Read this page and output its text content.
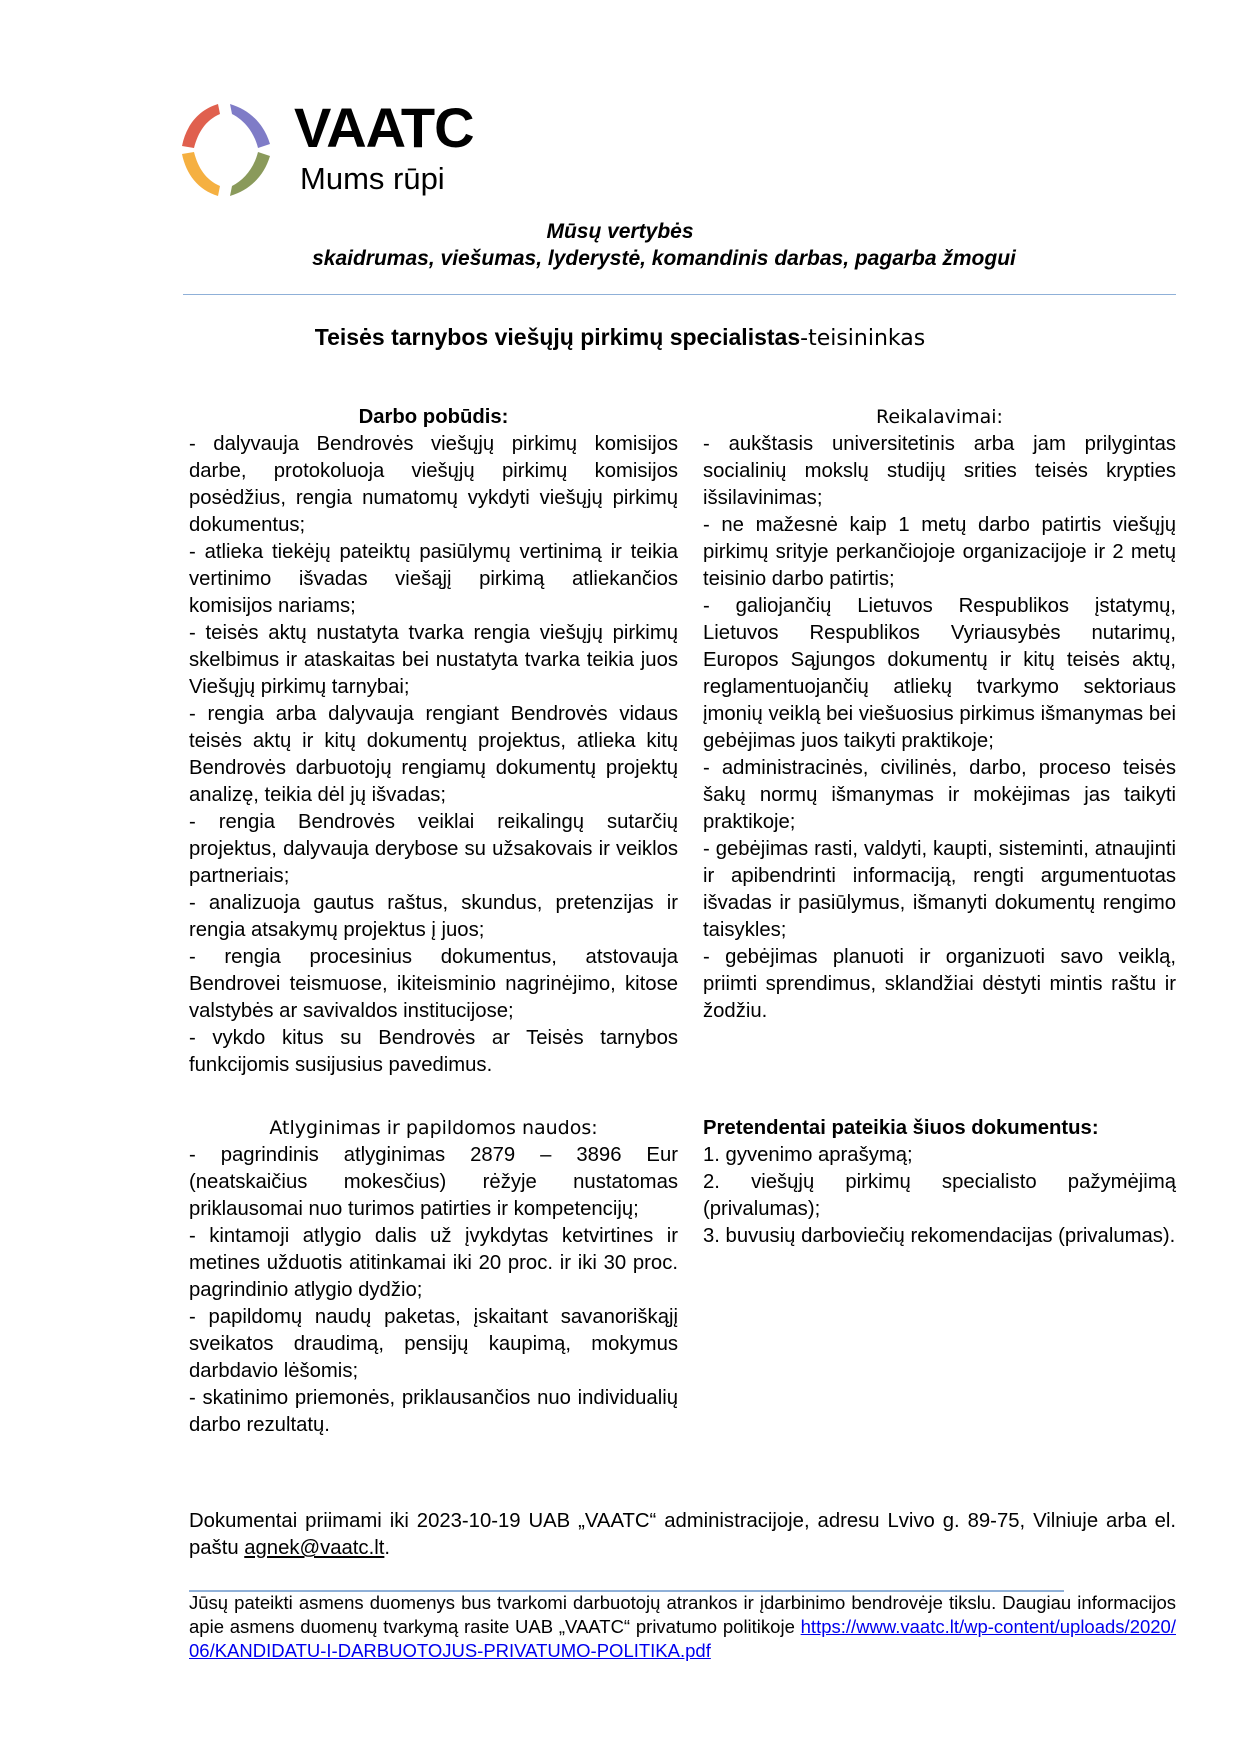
VAATC
Mums rūpi
Mūsų vertybės
skaidrumas, viešumas, lyderystė, komandinis darbas, pagarba žmogui
Teisės tarnybos viešųjų pirkimų specialistas-teisininkas

Darbo pobūdis:

- dalyvauja Bendrovės viešųjų pirkimų komisijos darbe, protokoluoja viešųjų pirkimų komisijos posėdžius, rengia numatomų vykdyti viešųjų pirkimų dokumentus;

- atlieka tiekėjų pateiktų pasiūlymų vertinimą ir teikia vertinimo išvadas viešąjį pirkimą atliekančios komisijos nariams;

- teisės aktų nustatyta tvarka rengia viešųjų pirkimų skelbimus ir ataskaitas bei nustatyta tvarka teikia juos Viešųjų pirkimų tarnybai;

- rengia arba dalyvauja rengiant Bendrovės vidaus teisės aktų ir kitų dokumentų projektus, atlieka kitų Bendrovės darbuotojų rengiamų dokumentų projektų analizę, teikia dėl jų išvadas;

- rengia Bendrovės veiklai reikalingų sutarčių projektus, dalyvauja derybose su užsakovais ir veiklos partneriais;

- analizuoja gautus raštus, skundus, pretenzijas ir rengia atsakymų projektus į juos;

- rengia procesinius dokumentus, atstovauja Bendrovei teismuose, ikiteisminio nagrinėjimo, kitose valstybės ar savivaldos institucijose;

- vykdo kitus su Bendrovės ar Teisės tarnybos funkcijomis susijusius pavedimus.

Reikalavimai:

- aukštasis universitetinis arba jam prilygintas socialinių mokslų studijų srities teisės krypties išsilavinimas;

- ne mažesnė kaip 1 metų darbo patirtis viešųjų pirkimų srityje perkančiojoje organizacijoje ir 2 metų teisinio darbo patirtis;

- galiojančių Lietuvos Respublikos įstatymų, Lietuvos Respublikos Vyriausybės nutarimų, Europos Sąjungos dokumentų ir kitų teisės aktų, reglamentuojančių atliekų tvarkymo sektoriaus įmonių veiklą bei viešuosius pirkimus išmanymas bei gebėjimas juos taikyti praktikoje;

- administracinės, civilinės, darbo, proceso teisės šakų normų išmanymas ir mokėjimas jas taikyti praktikoje;

- gebėjimas rasti, valdyti, kaupti, sisteminti, atnaujinti ir apibendrinti informaciją, rengti argumentuotas išvadas ir pasiūlymus, išmanyti dokumentų rengimo taisykles;

- gebėjimas planuoti ir organizuoti savo veiklą, priimti sprendimus, sklandžiai dėstyti mintis raštu ir žodžiu.

Atlyginimas ir papildomos naudos:

- pagrindinis atlyginimas 2879 – 3896 Eur (neatskaičius mokesčius) rėžyje nustatomas priklausomai nuo turimos patirties ir kompetencijų;

- kintamoji atlygio dalis už įvykdytas ketvirtines ir metines užduotis atitinkamai iki 20 proc. ir iki 30 proc. pagrindinio atlygio dydžio;

- papildomų naudų paketas, įskaitant savanoriškąjį sveikatos draudimą, pensijų kaupimą, mokymus darbdavio lėšomis;

- skatinimo priemonės, priklausančios nuo individualių darbo rezultatų.

Pretendentai pateikia šiuos dokumentus:

1. gyvenimo aprašymą;

2. viešųjų pirkimų specialisto pažymėjimą (privalumas);

3. buvusių darboviečių rekomendacijas (privalumas).

Dokumentai priimami iki 2023-10-19 UAB „VAATC“ administracijoje, adresu Lvivo g. 89-75, Vilniuje arba el. paštu agnek@vaatc.lt.
Jūsų pateikti asmens duomenys bus tvarkomi darbuotojų atrankos ir įdarbinimo bendrovėje tikslu. Daugiau informacijos apie asmens duomenų tvarkymą rasite UAB „VAATC“ privatumo politikoje https://www.vaatc.lt/wp-content/uploads/2020/06/KANDIDATU-I-DARBUOTOJUS-PRIVATUMO-POLITIKA.pdf
